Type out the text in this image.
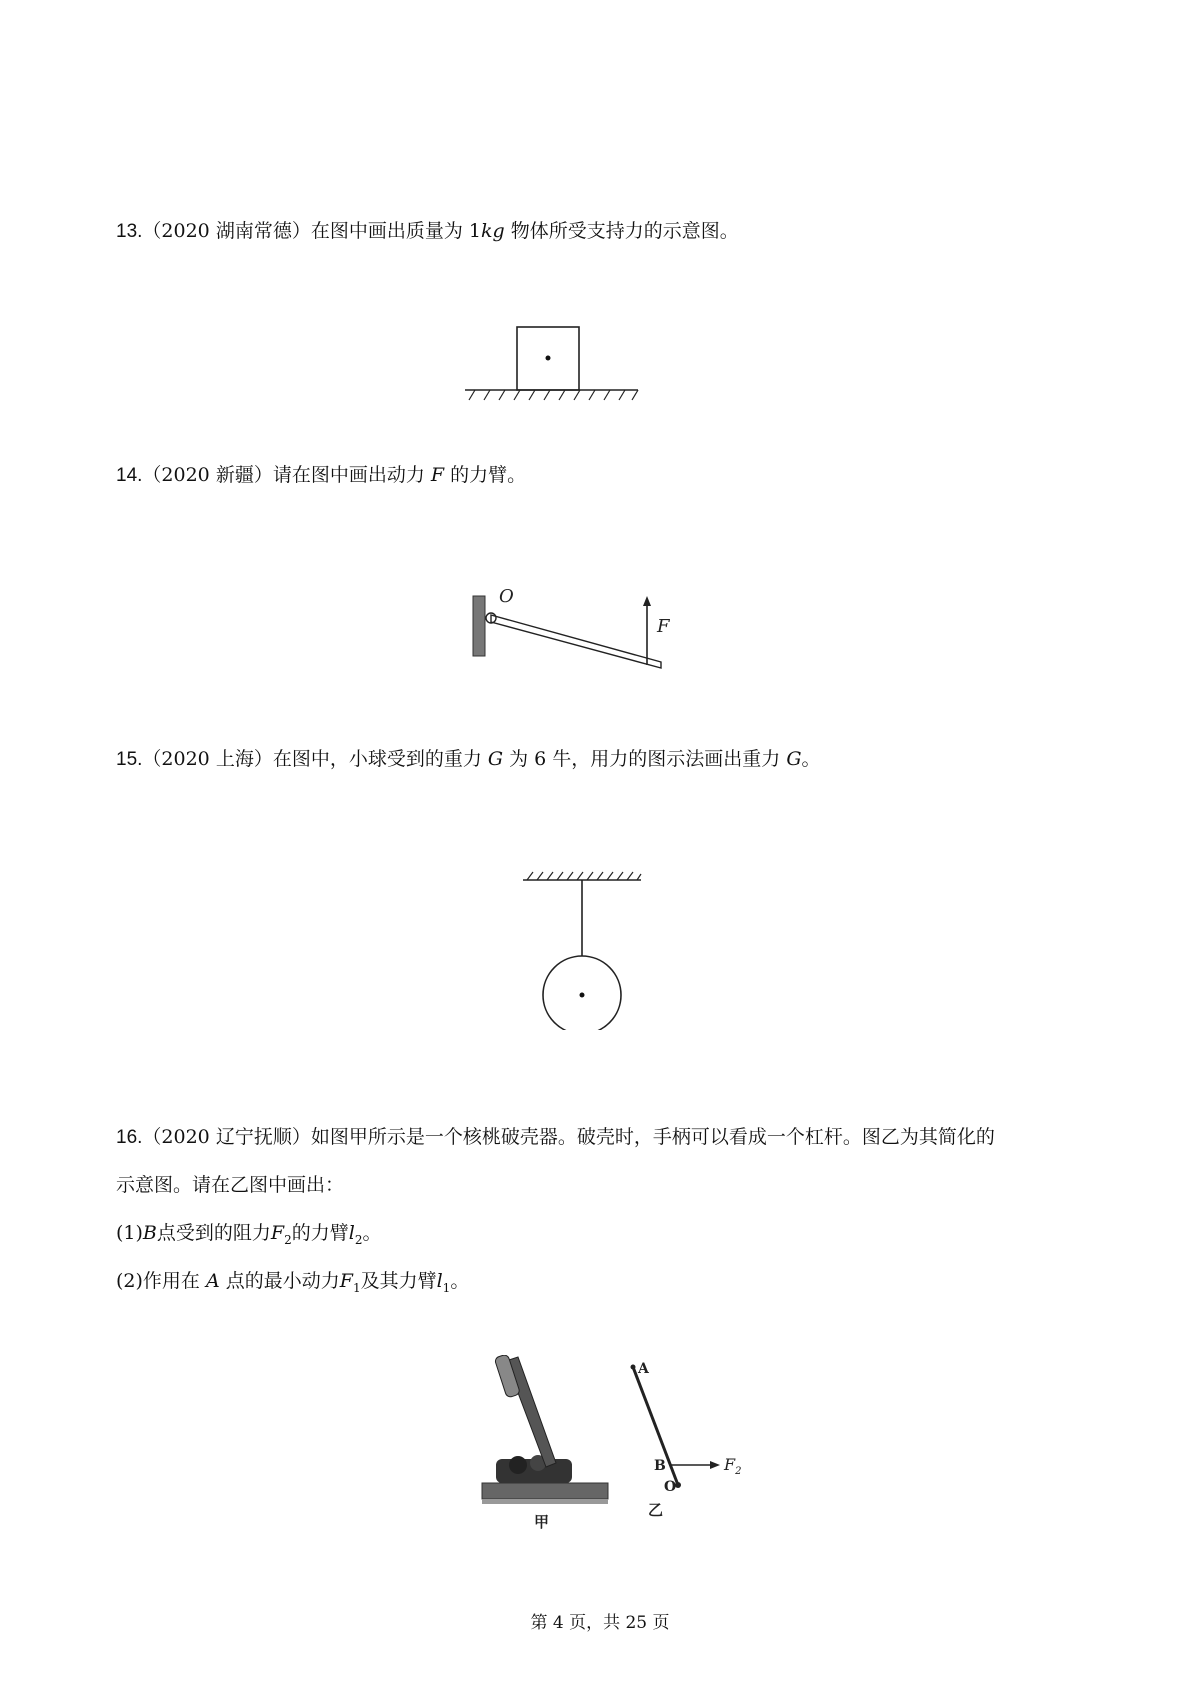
13.（2020 湖南常德）在图中画出质量为 1kg 物体所受支持力的示意图。
14.（2020 新疆）请在图中画出动力 F 的力臂。
O
F
15.（2020 上海）在图中，小球受到的重力 G 为 6 牛，用力的图示法画出重力 G。
16.（2020 辽宁抚顺）如图甲所示是一个核桃破壳器。破壳时，手柄可以看成一个杠杆。图乙为其简化的
示意图。请在乙图中画出：
(1)B点受到的阻力$F_2$的力臂$l_2$。
(2)作用在 A 点的最小动力$F_1$及其力臂$l_1$。
甲
A
B
O
$F_2$
乙
第 4 页，共 25 页
